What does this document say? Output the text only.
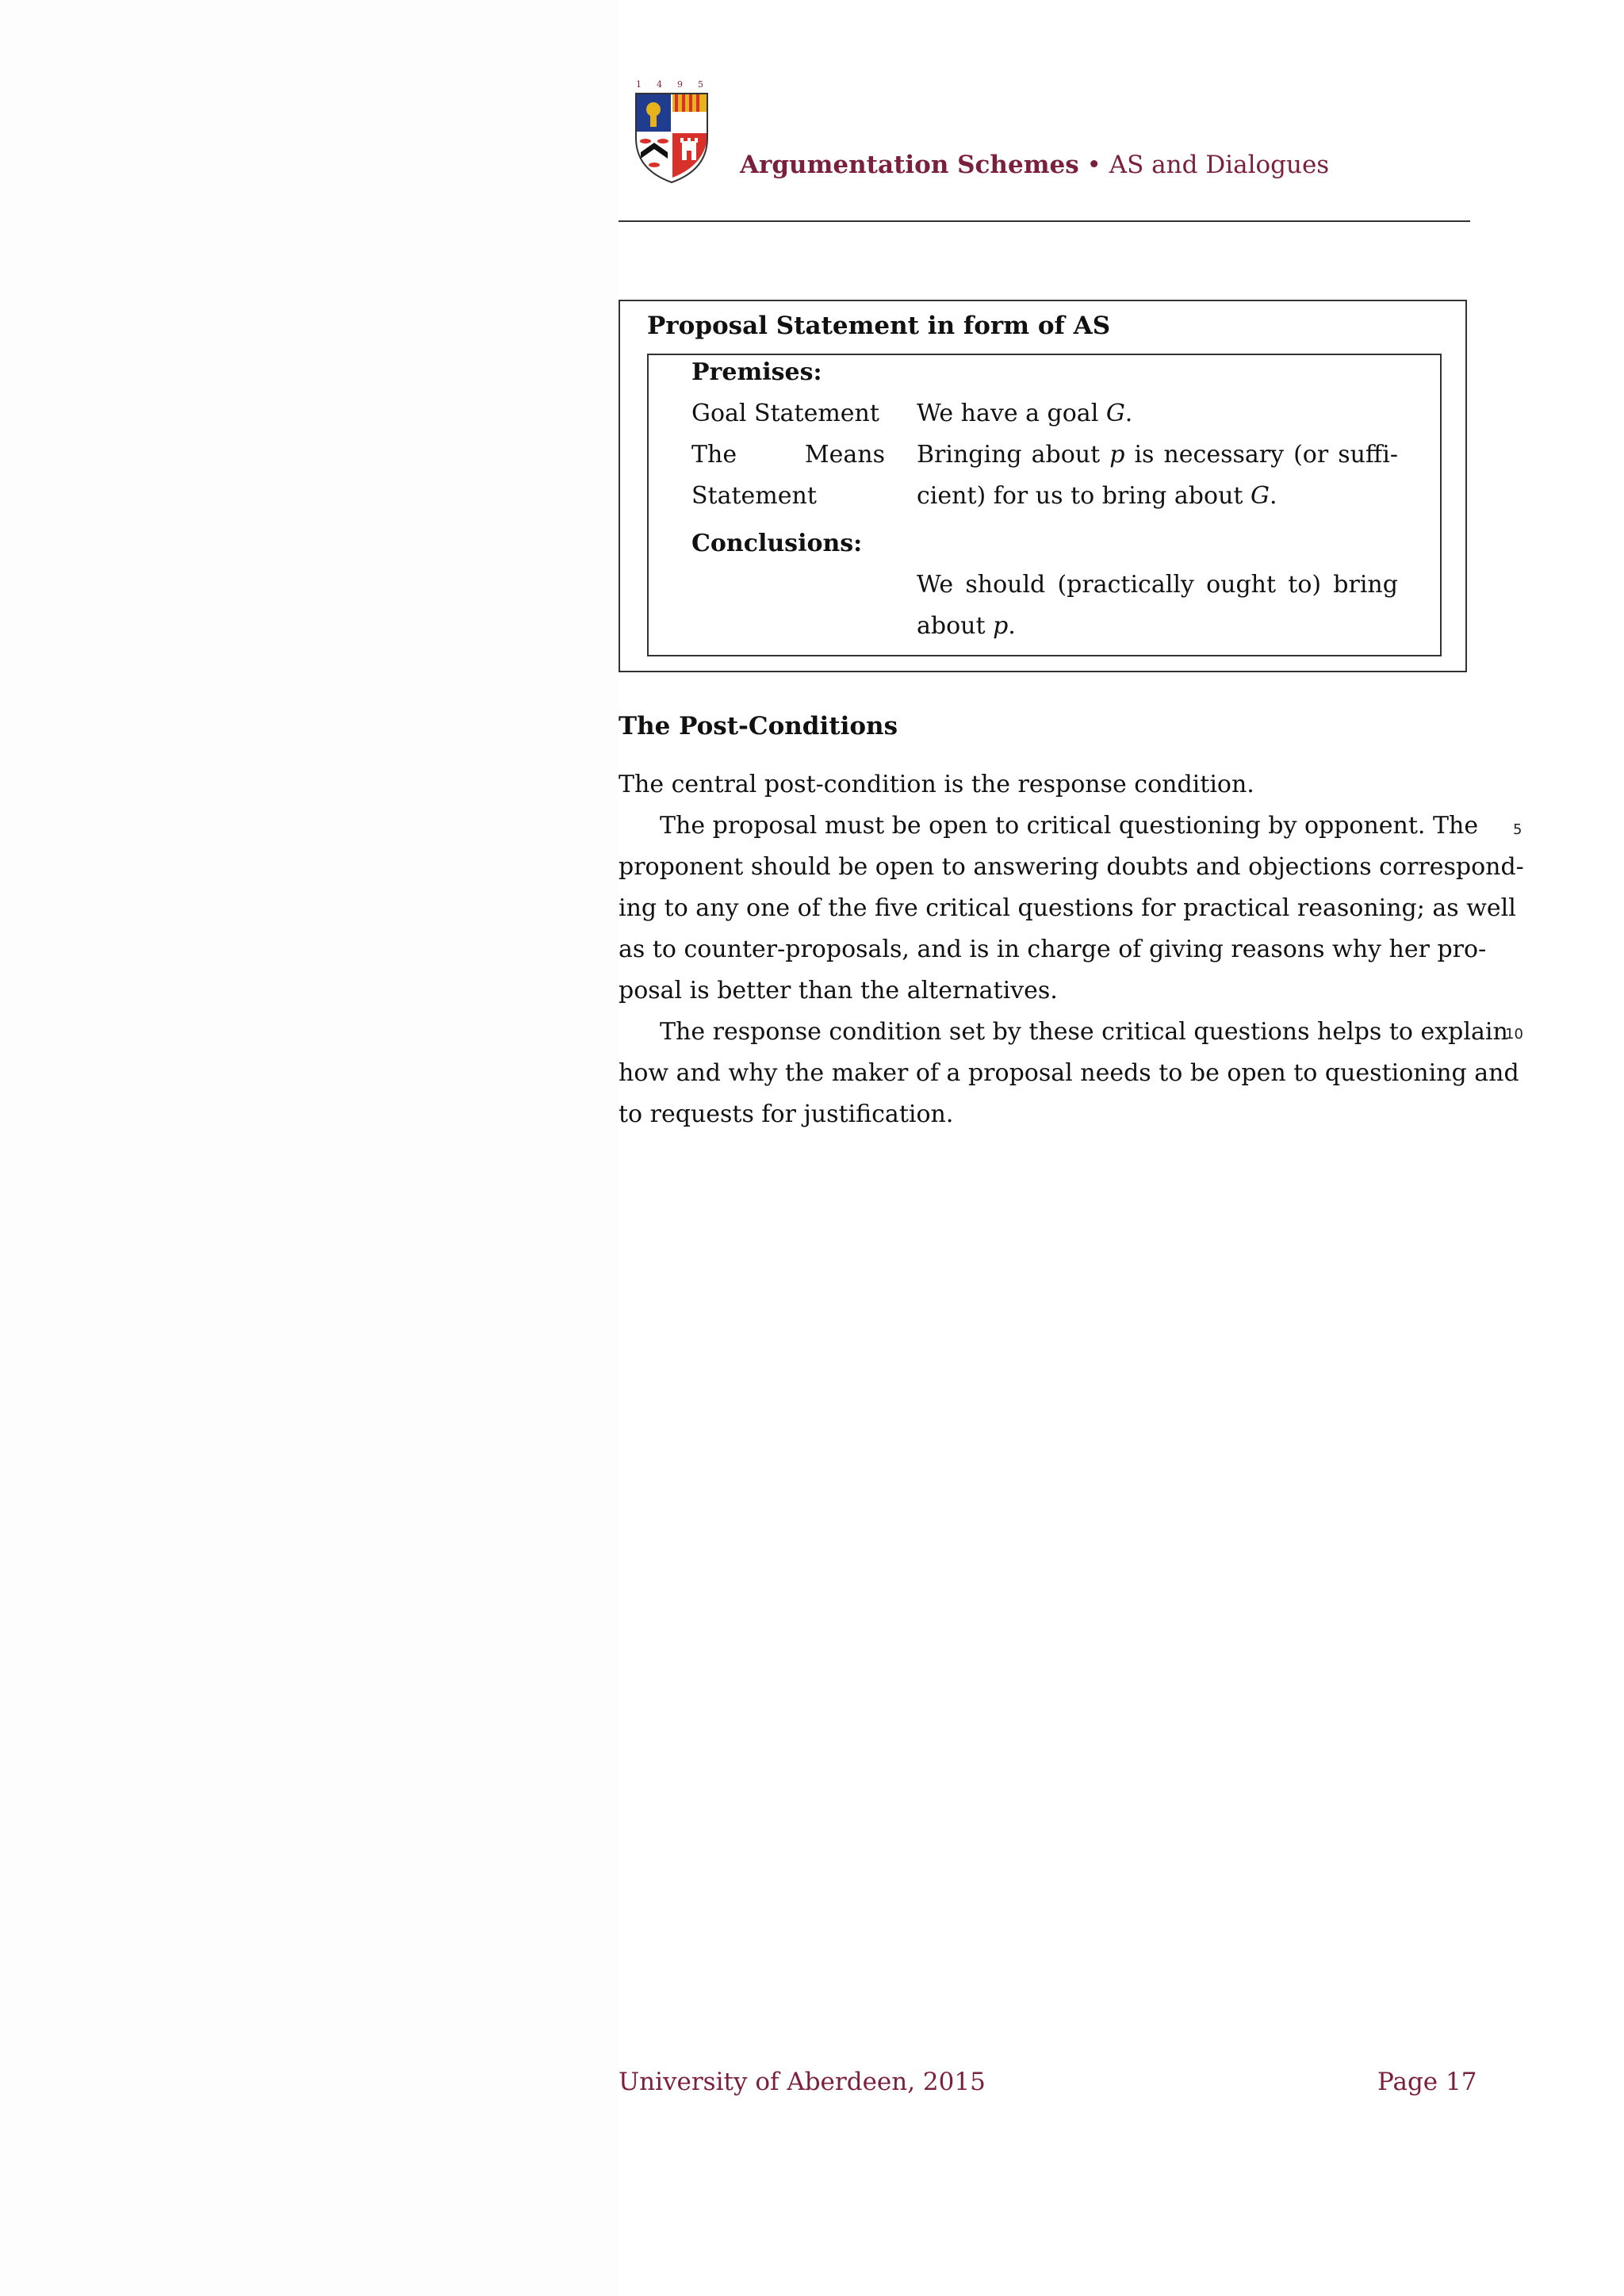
1 4 9 5
Argumentation Schemes • AS and Dialogues
Proposal Statement in form of AS
Premises:
Goal Statement We have a goal G.
The	Means
Statement
Bringing about p is necessary (or suffi-
cient) for us to bring about G.
Conclusions:
We should (practically ought to) bring
about p.
The Post-Conditions
The central post-condition is the response condition.
The proposal must be open to critical questioning by opponent. The
proponent should be open to answering doubts and objections correspond-
ing to any one of the five critical questions for practical reasoning; as well
as to counter-proposals, and is in charge of giving reasons why her pro-
posal is better than the alternatives.
The response condition set by these critical questions helps to explain
how and why the maker of a proposal needs to be open to questioning and
to requests for justification.
5
10
University of Aberdeen, 2015	Page 17
